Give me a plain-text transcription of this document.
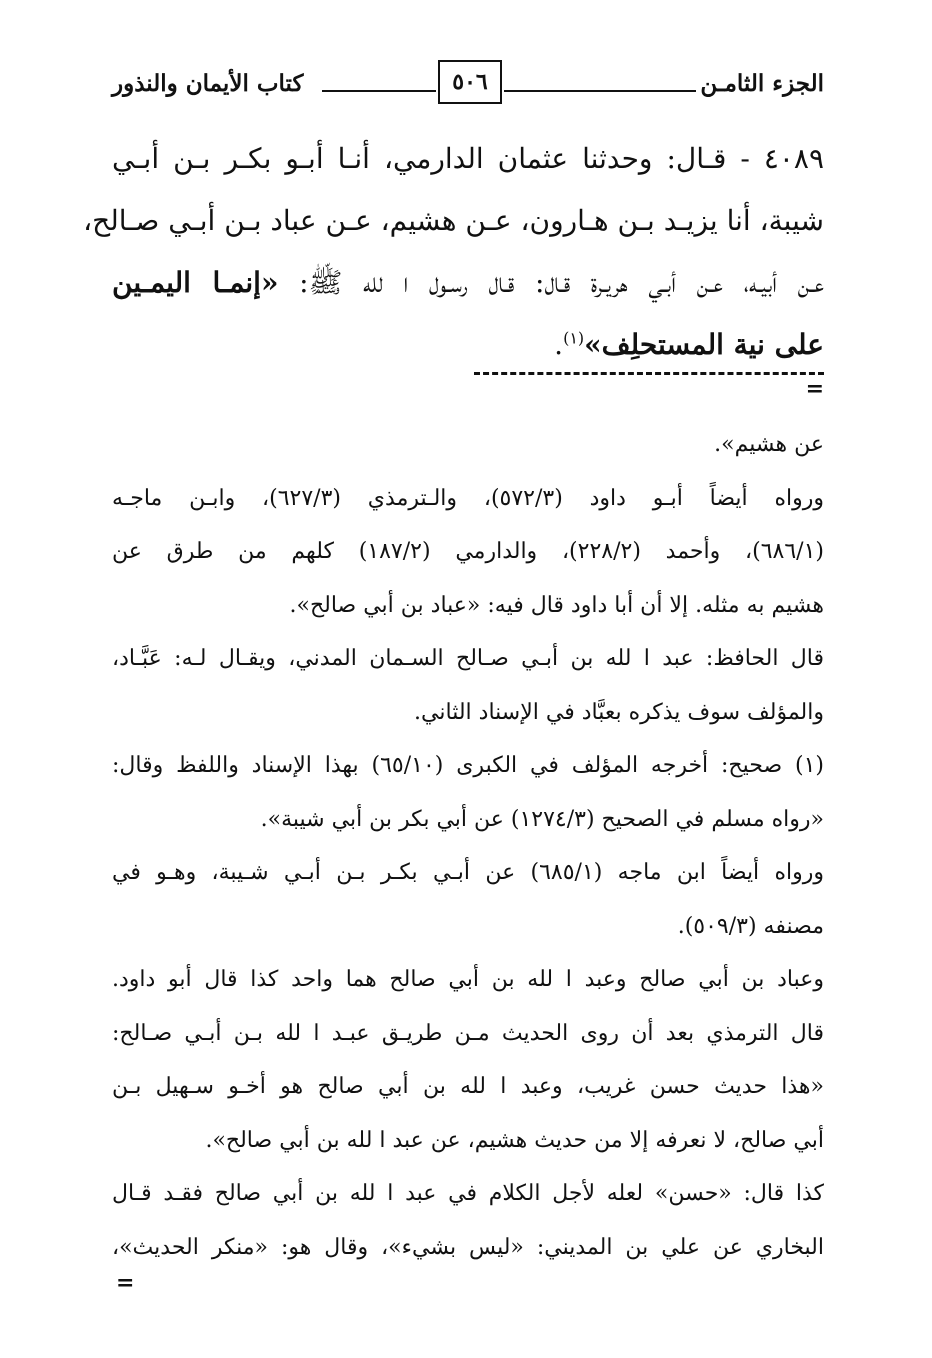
الجزء الثامـن
٥٠٦
كتاب الأيمان والنذور
٤٠٨٩ - قـال: وحدثنا عثمان الدارمي، أنـا أبـو بكـر بـن أبـي
شيبة، أنا يزيـد بـن هـارون، عـن هشيم، عـن عباد بـن أبـي صـالح،
عـن أبيـه، عـن أبـي هريـرة قـال: قـال رسـول ا لله ﷺ: «إنمـا اليمـين
على نية المستحلِف»$^{(١)}$.
=
عن هشيم».
ورواه أيضاً أبـو داود (٥٧٢/٣)، والـترمذي (٦٢٧/٣)، وابـن ماجـه
(٦٨٦/١)، وأحمد (٢٢٨/٢)، والدارمي (١٨٧/٢) كلهم من طرق عن
هشيم به مثله. إلا أن أبا داود قال فيه: «عباد بن أبي صالح».
قال الحافظ: عبد ا لله بن أبـي صـالح السـمان المدني، ويقـال لـه: عَبَّـاد،
والمؤلف سوف يذكره بعبَّاد في الإسناد الثاني.
(١) صحيح: أخرجه المؤلف في الكبرى (٦٥/١٠) بهذا الإسناد واللفظ وقال:
«رواه مسلم في الصحيح (١٢٧٤/٣) عن أبي بكر بن أبي شيبة».
ورواه أيضاً ابن ماجه (٦٨٥/١) عن أبـي بكـر بـن أبـي شـيبة، وهـو في
مصنفه (٥٠٩/٣).
وعباد بن أبي صالح وعبد ا لله بن أبي صالح هما واحد كذا قال أبو داود.
قال الترمذي بعد أن روى الحديث مـن طريـق عبـد ا لله بـن أبـي صـالح:
«هذا حديث حسن غريب، وعبد ا لله بن أبي صالح هو أخـو سـهيل بـن
أبي صالح، لا نعرفه إلا من حديث هشيم، عن عبد ا لله بن أبي صالح».
كذا قال: «حسن» لعله لأجل الكلام في عبد ا لله بن أبي صالح فقـد قـال
البخاري عن علي بن المديني: «ليس بشيء»، وقال هو: «منكر الحديث»،
=
